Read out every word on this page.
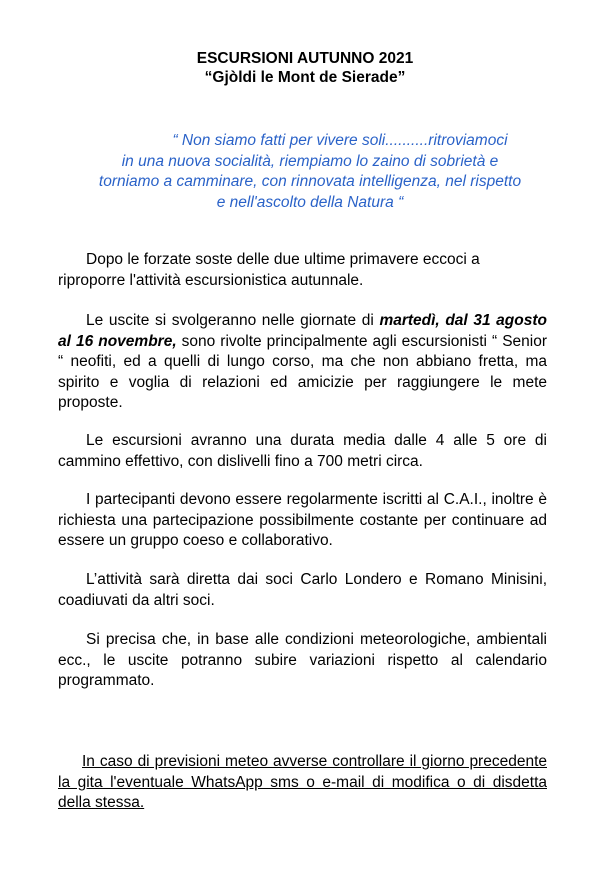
ESCURSIONI AUTUNNO 2021
“Gjòldi le Mont de Sierade”
“ Non siamo fatti per vivere soli..........ritroviamoci
in una nuova socialità, riempiamo lo zaino di sobrietà e
torniamo a camminare, con rinnovata intelligenza, nel rispetto
e nell'ascolto della Natura “
Dopo le forzate soste delle due ultime primavere eccoci a riproporre l'attività escursionistica autunnale.
Le uscite si svolgeranno nelle giornate di martedì, dal 31 agosto al 16 novembre, sono rivolte principalmente agli escursionisti “ Senior “ neofiti, ed a quelli di lungo corso, ma che non abbiano fretta, ma spirito e voglia di relazioni ed amicizie per raggiungere le mete proposte.
Le escursioni avranno una durata media dalle 4 alle 5 ore di cammino effettivo, con dislivelli fino a 700 metri circa.
I partecipanti devono essere regolarmente iscritti al C.A.I., inoltre è richiesta una partecipazione possibilmente costante per continuare ad essere un gruppo coeso e collaborativo.
L’attività sarà diretta dai soci Carlo Londero e Romano Minisini, coadiuvati da altri soci.
Si precisa che, in base alle condizioni meteorologiche, ambientali ecc., le uscite potranno subire variazioni rispetto al calendario programmato.
In caso di previsioni meteo avverse controllare il giorno precedente la gita l'eventuale WhatsApp sms o e-mail di modifica o di disdetta della stessa.
